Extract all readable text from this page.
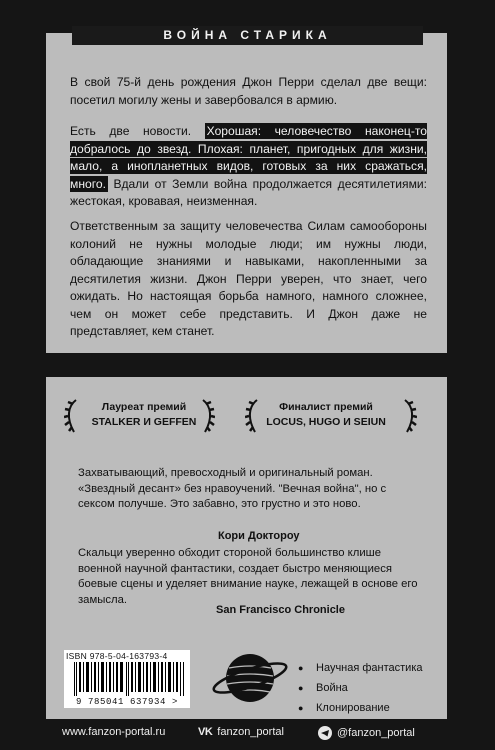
ВОЙНА СТАРИКА

В свой 75-й день рождения Джон Перри сделал две вещи: посетил могилу жены и завербовался в армию.

Есть две новости. Хорошая: человечество наконец-то добралось до звезд. Плохая: планет, пригодных для жизни, мало, а инопланетных видов, готовых за них сражаться, много. Вдали от Земли война продолжается десятилетиями: жестокая, кровавая, неизменная.

Ответственным за защиту человечества Силам самообороны колоний не нужны молодые люди; им нужны люди, обладающие знаниями и навыками, накопленными за десятилетия жизни. Джон Перри уверен, что знает, чего ожидать. Но настоящая борьба намного, намного сложнее, чем он может себе представить. И Джон даже не представляет, кем станет.

Лауреат премий
STALKER И GEFFEN
Финалист премий
LOCUS, HUGO И SEIUN

Захватывающий, превосходный и оригинальный роман. «Звездный десант» без нравоучений. "Вечная война", но с сексом получше. Это забавно, это грустно и это ново.

Кори Доктороу

Скальци уверенно обходит стороной большинство клише военной научной фантастики, создает быстро меняющиеся боевые сцены и уделяет внимание науке, лежащей в основе его замысла.

San Francisco Chronicle
ISBN 978-5-04-163793-4
9 785041 637934 >
● Научная фантастика
● Война
● Клонирование
www.fanzon-portal.ru	VK fanzon_portal	@fanzon_portal
